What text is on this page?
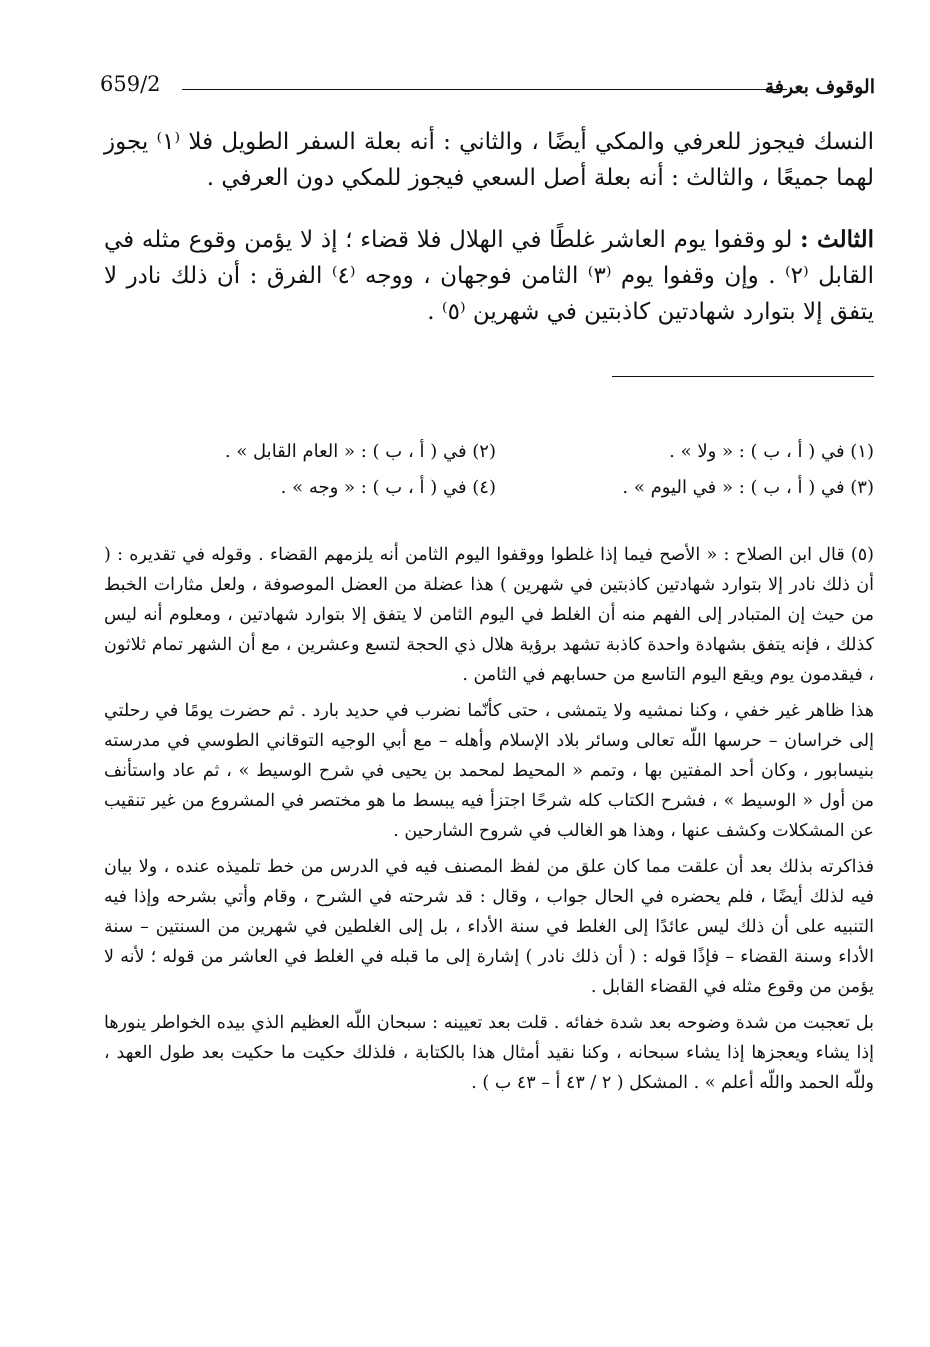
659/2	الوقوف بعرفة

النسك فيجوز للعرفي والمكي أيضًا ، والثاني : أنه بعلة السفر الطويل فلا ⁽١⁾ يجوز لهما جميعًا ، والثالث : أنه بعلة أصل السعي فيجوز للمكي دون العرفي .

الثالث : لو وقفوا يوم العاشر غلطًا في الهلال فلا قضاء ؛ إذ لا يؤمن وقوع مثله في القابل ⁽٢⁾ . وإن وقفوا يوم ⁽٣⁾ الثامن فوجهان ، ووجه ⁽٤⁾ الفرق : أن ذلك نادر لا يتفق إلا بتوارد شهادتين كاذبتين في شهرين ⁽٥⁾ .

(١) في ( أ ، ب ) : « ولا » .
(٢) في ( أ ، ب ) : « العام القابل » .
(٣) في ( أ ، ب ) : « في اليوم » .
(٤) في ( أ ، ب ) : « وجه » .

(٥) قال ابن الصلاح : « الأصح فيما إذا غلطوا ووقفوا اليوم الثامن أنه يلزمهم القضاء . وقوله في تقديره : ( أن ذلك نادر إلا بتوارد شهادتين كاذبتين في شهرين ) هذا عضلة من العضل الموصوفة ، ولعل مثارات الخبط من حيث إن المتبادر إلى الفهم منه أن الغلط في اليوم الثامن لا يتفق إلا بتوارد شهادتين ، ومعلوم أنه ليس كذلك ، فإنه يتفق بشهادة واحدة كاذبة تشهد برؤية هلال ذي الحجة لتسع وعشرين ، مع أن الشهر تمام ثلاثون ، فيقدمون يوم ويقع اليوم التاسع من حسابهم في الثامن .

هذا ظاهر غير خفي ، وكنا نمشيه ولا يتمشى ، حتى كأنّما نضرب في حديد بارد . ثم حضرت يومًا في رحلتي إلى خراسان – حرسها اللّه تعالى وسائر بلاد الإسلام وأهله – مع أبي الوجيه التوقاني الطوسي في مدرسته بنيسابور ، وكان أحد المفتين بها ، وتمم « المحيط لمحمد بن يحيى في شرح الوسيط » ، ثم عاد واستأنف من أول « الوسيط » ، فشرح الكتاب كله شرحًا اجتزأ فيه يبسط ما هو مختصر في المشروع من غير تنقيب عن المشكلات وكشف عنها ، وهذا هو الغالب في شروح الشارحين .

فذاكرته بذلك بعد أن علقت مما كان علق من لفظ المصنف فيه في الدرس من خط تلميذه عنده ، ولا بيان فيه لذلك أيضًا ، فلم يحضره في الحال جواب ، وقال : قد شرحته في الشرح ، وقام وأتي بشرحه وإذا فيه التنبيه على أن ذلك ليس عائدًا إلى الغلط في سنة الأداء ، بل إلى الغلطين في شهرين من السنتين – سنة الأداء وسنة القضاء – فإذًا قوله : ( أن ذلك نادر ) إشارة إلى ما قبله في الغلط في العاشر من قوله ؛ لأنه لا يؤمن من وقوع مثله في القضاء القابل .

بل تعجبت من شدة وضوحه بعد شدة خفائه . قلت بعد تعيينه : سبحان اللّه العظيم الذي بيده الخواطر ينورها إذا يشاء ويعجزها إذا يشاء سبحانه ، وكنا نقيد أمثال هذا بالكتابة ، فلذلك حكيت ما حكيت بعد طول العهد ، وللّه الحمد واللّه أعلم » . المشكل ( ٢ / ٤٣ أ – ٤٣ ب ) .
